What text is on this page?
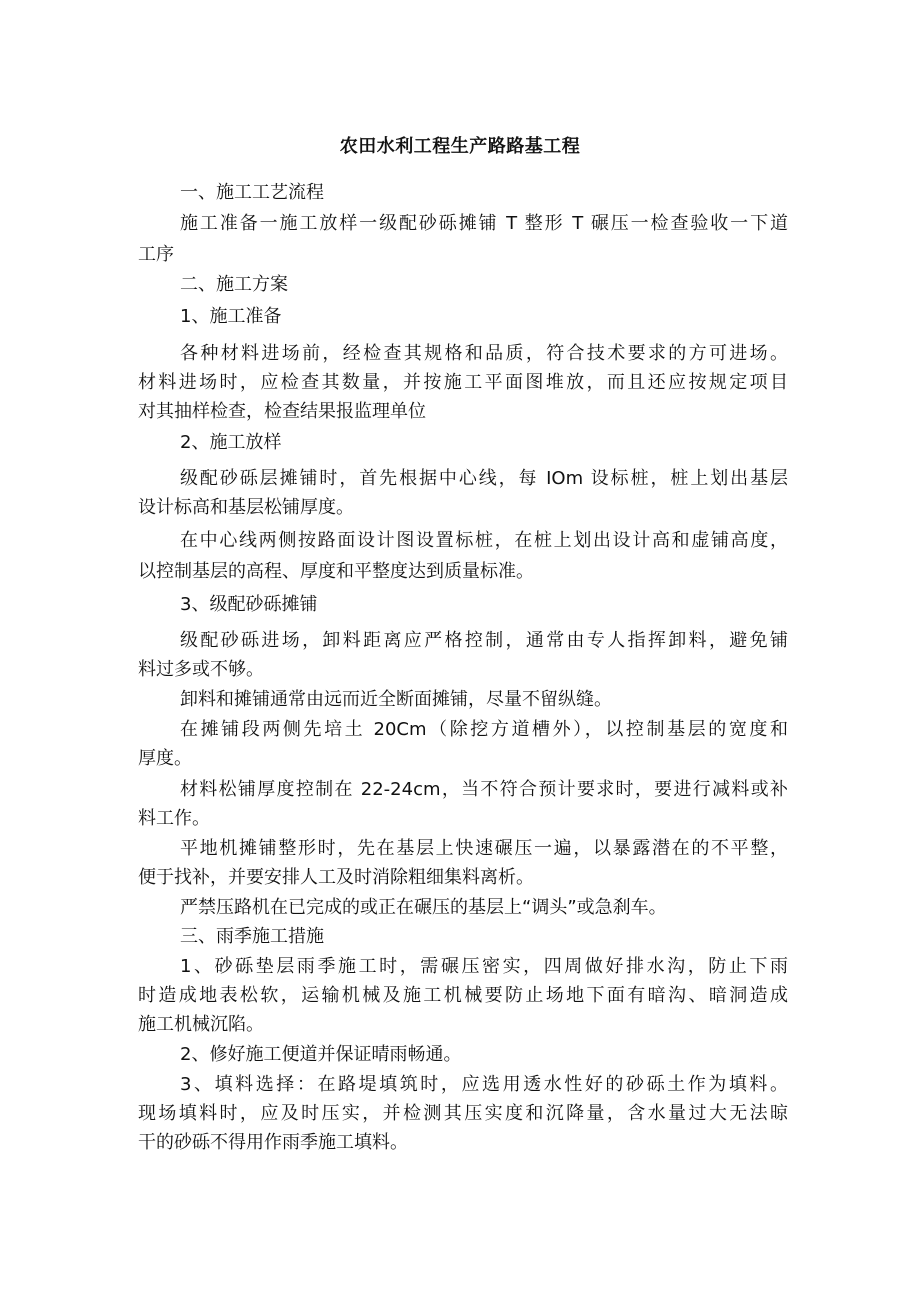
农田水利工程生产路路基工程
一、施工工艺流程
施工准备一施工放样一级配砂砾摊铺 T 整形 T 碾压一检查验收一下道
工序
二、施工方案
1、施工准备
各种材料进场前，经检查其规格和品质，符合技术要求的方可进场。
材料进场时，应检查其数量，并按施工平面图堆放，而且还应按规定项目
对其抽样检查，检查结果报监理单位
2、施工放样
级配砂砾层摊铺时，首先根据中心线，每 IOm 设标桩，桩上划出基层
设计标高和基层松铺厚度。
在中心线两侧按路面设计图设置标桩，在桩上划出设计高和虚铺高度，
以控制基层的高程、厚度和平整度达到质量标准。
3、级配砂砾摊铺
级配砂砾进场，卸料距离应严格控制，通常由专人指挥卸料，避免铺
料过多或不够。
卸料和摊铺通常由远而近全断面摊铺，尽量不留纵缝。
在摊铺段两侧先培土 20Cm（除挖方道槽外），以控制基层的宽度和
厚度。
材料松铺厚度控制在 22-24cm，当不符合预计要求时，要进行减料或补
料工作。
平地机摊铺整形时，先在基层上快速碾压一遍，以暴露潜在的不平整，
便于找补，并要安排人工及时消除粗细集料离析。
严禁压路机在已完成的或正在碾压的基层上“调头”或急刹车。
三、雨季施工措施
1、砂砾垫层雨季施工时，需碾压密实，四周做好排水沟，防止下雨
时造成地表松软，运输机械及施工机械要防止场地下面有暗沟、暗洞造成
施工机械沉陷。
2、修好施工便道并保证晴雨畅通。
3、填料选择：在路堤填筑时，应选用透水性好的砂砾土作为填料。
现场填料时，应及时压实，并检测其压实度和沉降量，含水量过大无法晾
干的砂砾不得用作雨季施工填料。
